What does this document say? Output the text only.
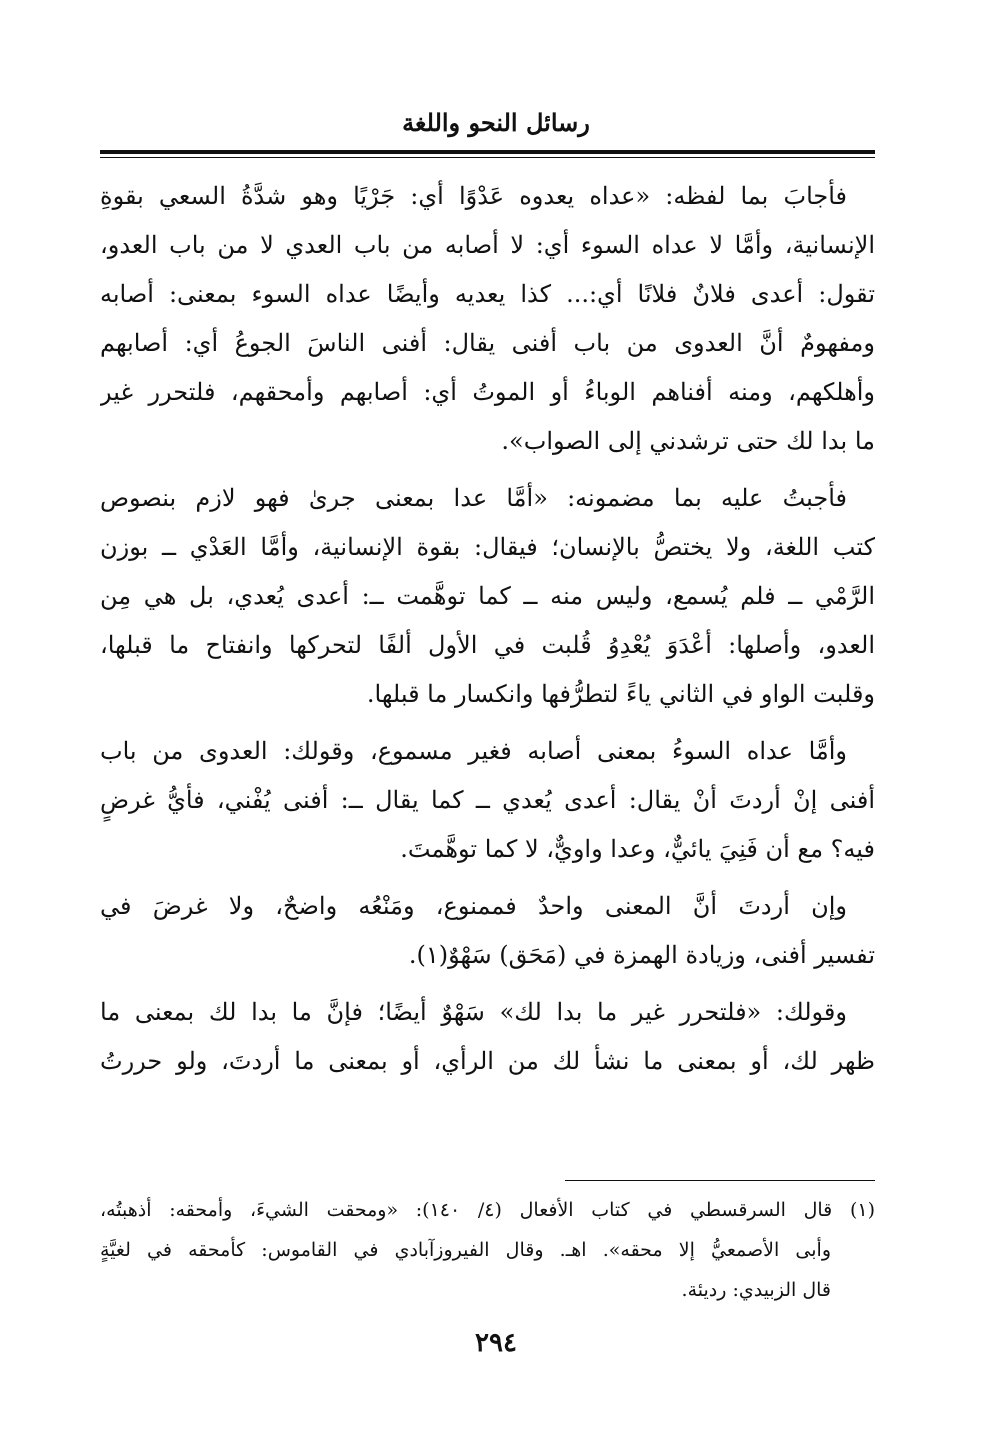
رسائل النحو واللغة
فأجابَ بما لفظه: «عداه يعدوه عَدْوًا أي: جَرْيًا وهو شدَّةُ السعي بقوةِ
الإنسانية، وأمَّا لا عداه السوء أي: لا أصابه من باب العدي لا من باب العدو،
تقول: أعدى فلانٌ فلانًا أي:... كذا يعديه وأيضًا عداه السوء بمعنى: أصابه
ومفهومٌ أنَّ العدوى من باب أفنى يقال: أفنى الناسَ الجوعُ أي: أصابهم
وأهلكهم، ومنه أفناهم الوباءُ أو الموتُ أي: أصابهم وأمحقهم، فلتحرر غير
ما بدا لك حتى ترشدني إلى الصواب».
فأجبتُ عليه بما مضمونه: «أمَّا عدا بمعنى جرىٰ فهو لازم بنصوص
كتب اللغة، ولا يختصُّ بالإنسان؛ فيقال: بقوة الإنسانية، وأمَّا العَدْي ــ بوزن
الرَّمْي ــ فلم يُسمع، وليس منه ــ كما توهَّمت ــ: أعدى يُعدي، بل هي مِن
العدو، وأصلها: أعْدَوَ يُعْدِوُ قُلبت في الأول ألفًا لتحركها وانفتاح ما قبلها،
وقلبت الواو في الثاني ياءً لتطرُّفها وانكسار ما قبلها.
وأمَّا عداه السوءُ بمعنى أصابه فغير مسموع، وقولك: العدوى من باب
أفنى إنْ أردتَ أنْ يقال: أعدى يُعدي ــ كما يقال ــ: أفنى يُفْني، فأيُّ غرضٍ
فيه؟ مع أن فَنِيَ يائيٌّ، وعدا واويٌّ، لا كما توهَّمتَ.
وإن أردتَ أنَّ المعنى واحدٌ فممنوع، ومَنْعُه واضحٌ، ولا غرضَ في
تفسير أفنى، وزيادة الهمزة في (مَحَق) سَهْوٌ(١).
وقولك: «فلتحرر غير ما بدا لك» سَهْوٌ أيضًا؛ فإنَّ ما بدا لك بمعنى ما
ظهر لك، أو بمعنى ما نشأ لك من الرأي، أو بمعنى ما أردتَ، ولو حررتُ
(١) قال السرقسطي في كتاب الأفعال (٤/ ١٤٠): «ومحقت الشيءَ، وأمحقه: أذهبتُه،
وأبى الأصمعيُّ إلا محقه». اهـ. وقال الفيروزآبادي في القاموس: كأمحقه في لغيَّةٍ
قال الزبيدي: رديئة.
٢٩٤
